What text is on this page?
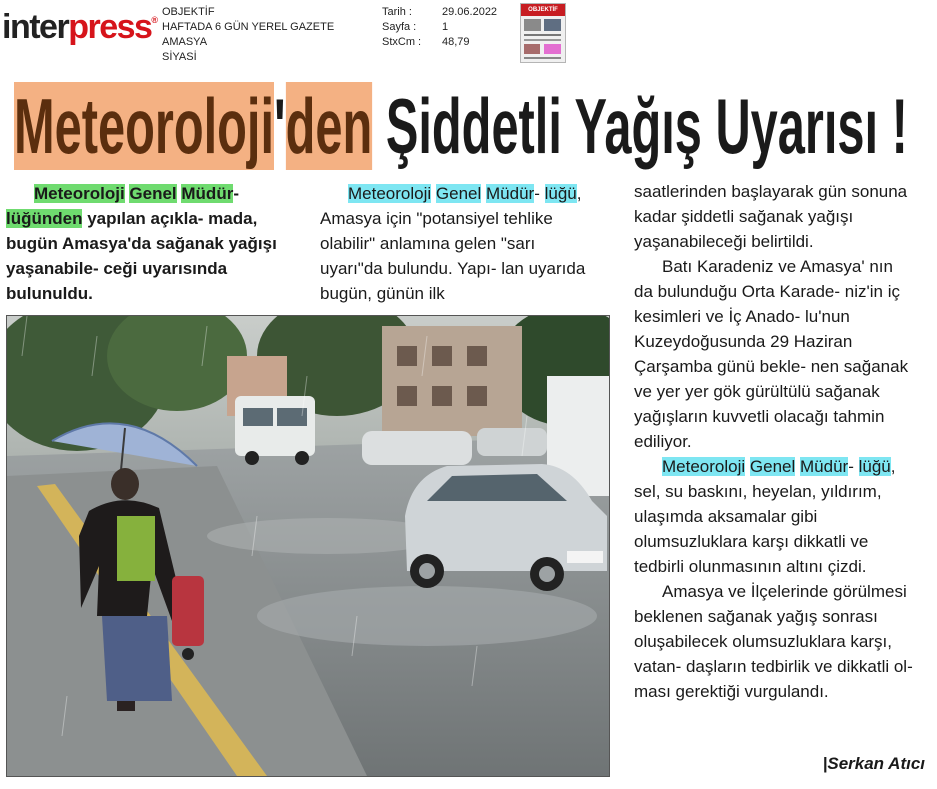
interpress®
OBJEKTİF
HAFTADA 6 GÜN YEREL GAZETE
AMASYA
SİYASİ
Tarih :
Sayfa :
StxCm :
29.06.2022
1
48,79
OBJEKTİF
Meteoroloji'den Şiddetli Yağış Uyarısı !

Meteoroloji Genel Müdür- lüğünden yapılan açıkla- mada, bugün Amasya'da sağanak yağışı yaşanabile- ceği uyarısında bulunuldu.

Meteoroloji Genel Müdür- lüğü, Amasya için "potansiyel tehlike olabilir" anlamına gelen "sarı uyarı"da bulundu. Yapı- lan uyarıda bugün, günün ilk

saatlerinden başlayarak gün sonuna kadar şiddetli sağanak yağışı yaşanabileceği belirtildi.

Batı Karadeniz ve Amasya' nın da bulunduğu Orta Karade- niz'in iç kesimleri ve İç Anado- lu'nun Kuzeydoğusunda 29 Haziran Çarşamba günü bekle- nen sağanak ve yer yer gök gürültülü sağanak yağışların kuvvetli olacağı tahmin ediliyor.

Meteoroloji Genel Müdür- lüğü, sel, su baskını, heyelan, yıldırım, ulaşımda aksamalar gibi olumsuzluklara karşı dikkatli ve tedbirli olunmasının altını çizdi.

Amasya ve İlçelerinde görülmesi beklenen sağanak yağış sonrası oluşabilecek olumsuzluklara karşı, vatan- daşların tedbirlik ve dikkatli ol- ması gerektiği vurgulandı.

|Serkan Atıcı
